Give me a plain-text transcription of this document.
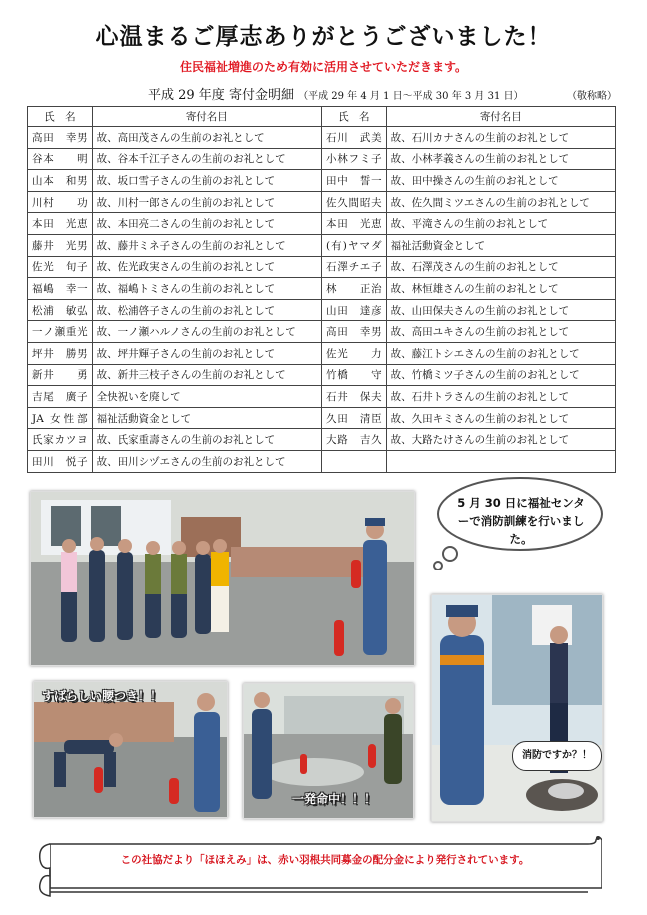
心温まるご厚志ありがとうございました！
住民福祉増進のため有効に活用させていただきます。
平成 29 年度 寄付金明細 （平成 29 年 4 月 1 日～平成 30 年 3 月 31 日）	（敬称略）
氏　名	寄付名目	氏　名	寄付名目
高田　幸男	故、高田茂さんの生前のお礼として	石川　武美	故、石川カナさんの生前のお礼として
谷本　　明	故、谷本千江子さんの生前のお礼として	小林フミ子	故、小林孝義さんの生前のお礼として
山本　和男	故、坂口雪子さんの生前のお礼として	田中　誓一	故、田中操さんの生前のお礼として
川村　　功	故、川村一郎さんの生前のお礼として	佐久間昭夫	故、佐久間ミツエさんの生前のお礼として
本田　光恵	故、本田亮二さんの生前のお礼として	本田　光恵	故、平滝さんの生前のお礼として
藤井　光男	故、藤井ミネ子さんの生前のお礼として	(有)ヤマダ	福祉活動資金として
佐光　旬子	故、佐光政実さんの生前のお礼として	石澤チエ子	故、石澤茂さんの生前のお礼として
福嶋　幸一	故、福嶋トミさんの生前のお礼として	林　　正治	故、林恒雄さんの生前のお礼として
松浦　敏弘	故、松浦啓子さんの生前のお礼として	山田　達彦	故、山田保夫さんの生前のお礼として
一ノ瀬重光	故、一ノ瀬ハルノさんの生前のお礼として	高田　幸男	故、高田ユキさんの生前のお礼として
坪井　勝男	故、坪井輝子さんの生前のお礼として	佐光　　力	故、藤江トシエさんの生前のお礼として
新井　　勇	故、新井三枝子さんの生前のお礼として	竹橋　　守	故、竹橋ミツ子さんの生前のお礼として
吉尾　廣子	全快祝いを廃して	石井　保夫	故、石井トラさんの生前のお礼として
JA 女性部	福祉活動資金として	久田　清臣	故、久田キミさんの生前のお礼として
氏家カツヨ	故、氏家重壽さんの生前のお礼として	大路　吉久	故、大路たけさんの生前のお礼として
田川　悦子	故、田川シヅエさんの生前のお礼として		
5 月 30 日に福祉センターで消防訓練を行いました。
消防ですか？！
すばらしい腰つき！！
一発命中！！！
この社協だより「ほほえみ」は、赤い羽根共同募金の配分金により発行されています。
